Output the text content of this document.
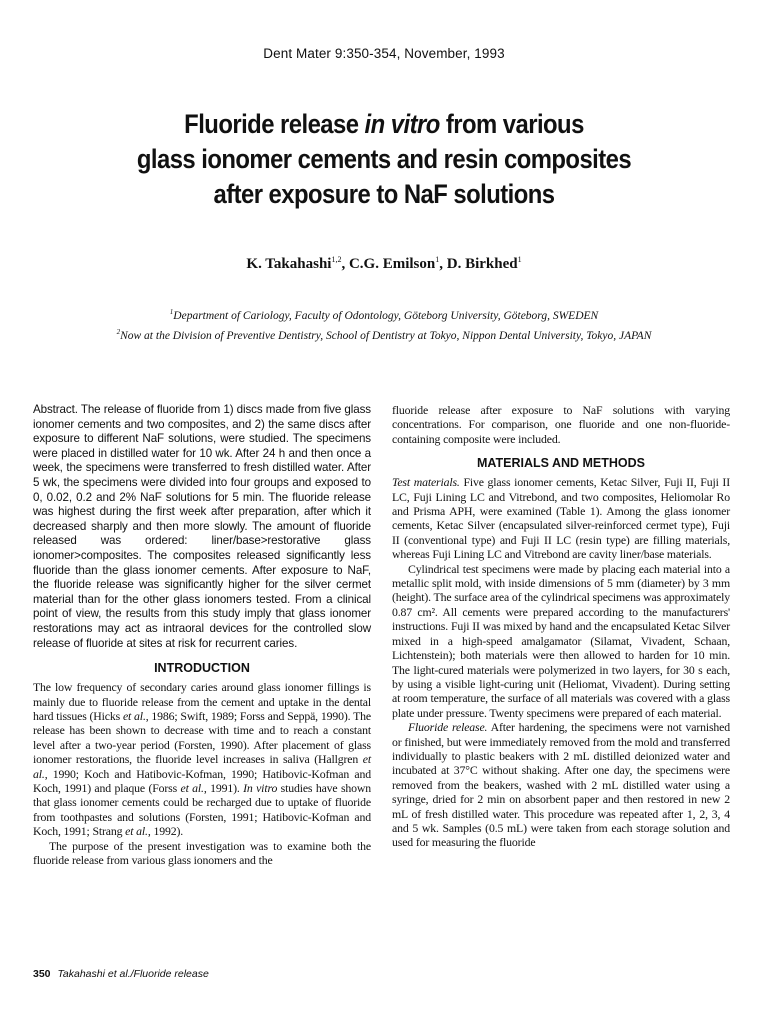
Dent Mater 9:350-354, November, 1993
Fluoride release in vitro from various
glass ionomer cements and resin composites
after exposure to NaF solutions
K. Takahashi$^{1,2}$, C.G. Emilson$^1$, D. Birkhed$^1$
$^1$Department of Cariology, Faculty of Odontology, Göteborg University, Göteborg, SWEDEN
$^2$Now at the Division of Preventive Dentistry, School of Dentistry at Tokyo, Nippon Dental University, Tokyo, JAPAN

Abstract. The release of fluoride from 1) discs made from five glass ionomer cements and two composites, and 2) the same discs after exposure to different NaF solutions, were studied. The specimens were placed in distilled water for 10 wk. After 24 h and then once a week, the specimens were transferred to fresh distilled water. After 5 wk, the specimens were divided into four groups and exposed to 0, 0.02, 0.2 and 2% NaF solutions for 5 min. The fluoride release was highest during the first week after preparation, after which it decreased sharply and then more slowly. The amount of fluoride released was ordered: liner/base>restorative glass ionomer>composites. The composites released significantly less fluoride than the glass ionomer cements. After exposure to NaF, the fluoride release was significantly higher for the silver cermet material than for the other glass ionomers tested. From a clinical point of view, the results from this study imply that glass ionomer restorations may act as intraoral devices for the controlled slow release of fluoride at sites at risk for recurrent caries.

INTRODUCTION

The low frequency of secondary caries around glass ionomer fillings is mainly due to fluoride release from the cement and uptake in the dental hard tissues (Hicks et al., 1986; Swift, 1989; Forss and Seppä, 1990). The release has been shown to decrease with time and to reach a constant level after a two-year period (Forsten, 1990). After placement of glass ionomer restorations, the fluoride level increases in saliva (Hallgren et al., 1990; Koch and Hatibovic-Kofman, 1990; Hatibovic-Kofman and Koch, 1991) and plaque (Forss et al., 1991). In vitro studies have shown that glass ionomer cements could be recharged due to uptake of fluoride from toothpastes and solutions (Forsten, 1991; Hatibovic-Kofman and Koch, 1991; Strang et al., 1992).

The purpose of the present investigation was to examine both the fluoride release from various glass ionomers and the

fluoride release after exposure to NaF solutions with varying concentrations. For comparison, one fluoride and one non-fluoride-containing composite were included.

MATERIALS AND METHODS

Test materials. Five glass ionomer cements, Ketac Silver, Fuji II, Fuji II LC, Fuji Lining LC and Vitrebond, and two composites, Heliomolar Ro and Prisma APH, were examined (Table 1). Among the glass ionomer cements, Ketac Silver (encapsulated silver-reinforced cermet type), Fuji II (conventional type) and Fuji II LC (resin type) are filling materials, whereas Fuji Lining LC and Vitrebond are cavity liner/base materials.

Cylindrical test specimens were made by placing each material into a metallic split mold, with inside dimensions of 5 mm (diameter) by 3 mm (height). The surface area of the cylindrical specimens was approximately 0.87 cm². All cements were prepared according to the manufacturers' instructions. Fuji II was mixed by hand and the encapsulated Ketac Silver mixed in a high-speed amalgamator (Silamat, Vivadent, Schaan, Lichtenstein); both materials were then allowed to harden for 10 min. The light-cured materials were polymerized in two layers, for 30 s each, by using a visible light-curing unit (Heliomat, Vivadent). During setting at room temperature, the surface of all materials was covered with a glass plate under pressure. Twenty specimens were prepared of each material.

Fluoride release. After hardening, the specimens were not varnished or finished, but were immediately removed from the mold and transferred individually to plastic beakers with 2 mL distilled deionized water and incubated at 37°C without shaking. After one day, the specimens were removed from the beakers, washed with 2 mL distilled water using a syringe, dried for 2 min on absorbent paper and then restored in new 2 mL of fresh distilled water. This procedure was repeated after 1, 2, 3, 4 and 5 wk. Samples (0.5 mL) were taken from each storage solution and used for measuring the fluoride

350 Takahashi et al./Fluoride release
